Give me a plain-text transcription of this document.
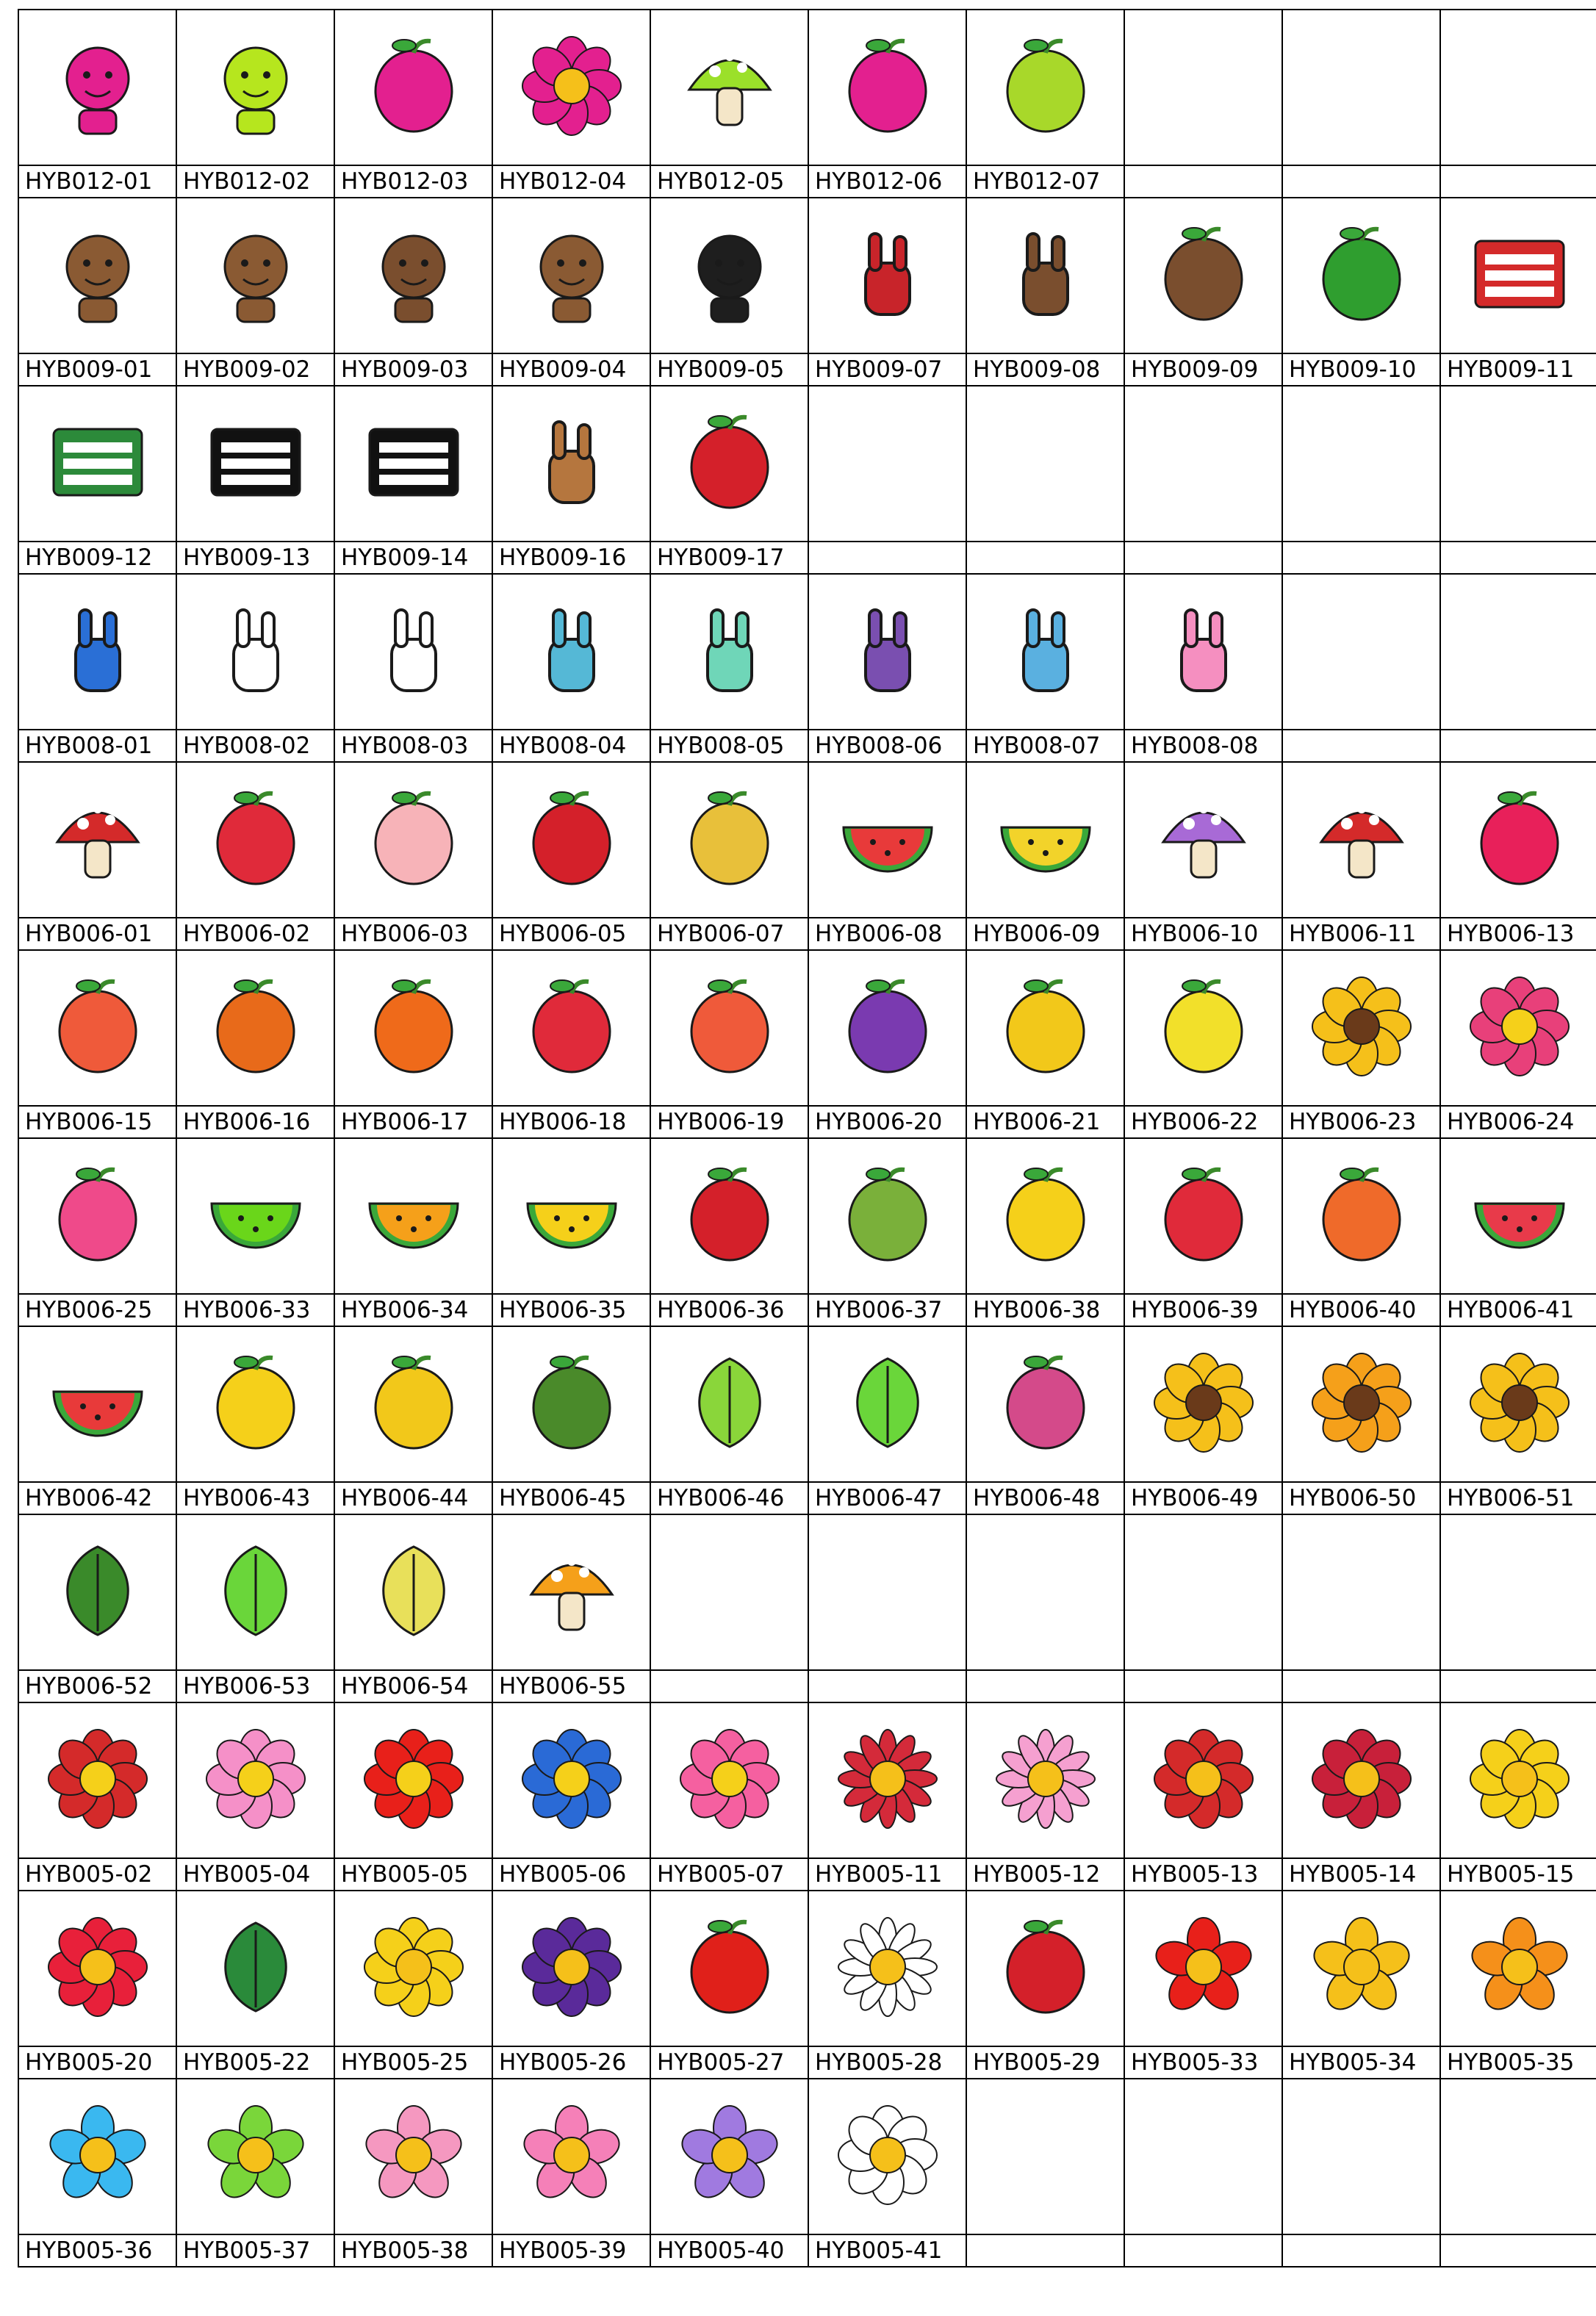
HYB012-01	HYB012-02	HYB012-03	HYB012-04	HYB012-05	HYB012-06	HYB012-07			

HYB009-01	HYB009-02	HYB009-03	HYB009-04	HYB009-05	HYB009-07	HYB009-08	HYB009-09	HYB009-10	HYB009-11

HYB009-12	HYB009-13	HYB009-14	HYB009-16	HYB009-17					

HYB008-01	HYB008-02	HYB008-03	HYB008-04	HYB008-05	HYB008-06	HYB008-07	HYB008-08		

HYB006-01	HYB006-02	HYB006-03	HYB006-05	HYB006-07	HYB006-08	HYB006-09	HYB006-10	HYB006-11	HYB006-13

HYB006-15	HYB006-16	HYB006-17	HYB006-18	HYB006-19	HYB006-20	HYB006-21	HYB006-22	HYB006-23	HYB006-24

HYB006-25	HYB006-33	HYB006-34	HYB006-35	HYB006-36	HYB006-37	HYB006-38	HYB006-39	HYB006-40	HYB006-41

HYB006-42	HYB006-43	HYB006-44	HYB006-45	HYB006-46	HYB006-47	HYB006-48	HYB006-49	HYB006-50	HYB006-51

HYB006-52	HYB006-53	HYB006-54	HYB006-55						

HYB005-02	HYB005-04	HYB005-05	HYB005-06	HYB005-07	HYB005-11	HYB005-12	HYB005-13	HYB005-14	HYB005-15

HYB005-20	HYB005-22	HYB005-25	HYB005-26	HYB005-27	HYB005-28	HYB005-29	HYB005-33	HYB005-34	HYB005-35

HYB005-36	HYB005-37	HYB005-38	HYB005-39	HYB005-40	HYB005-41				
